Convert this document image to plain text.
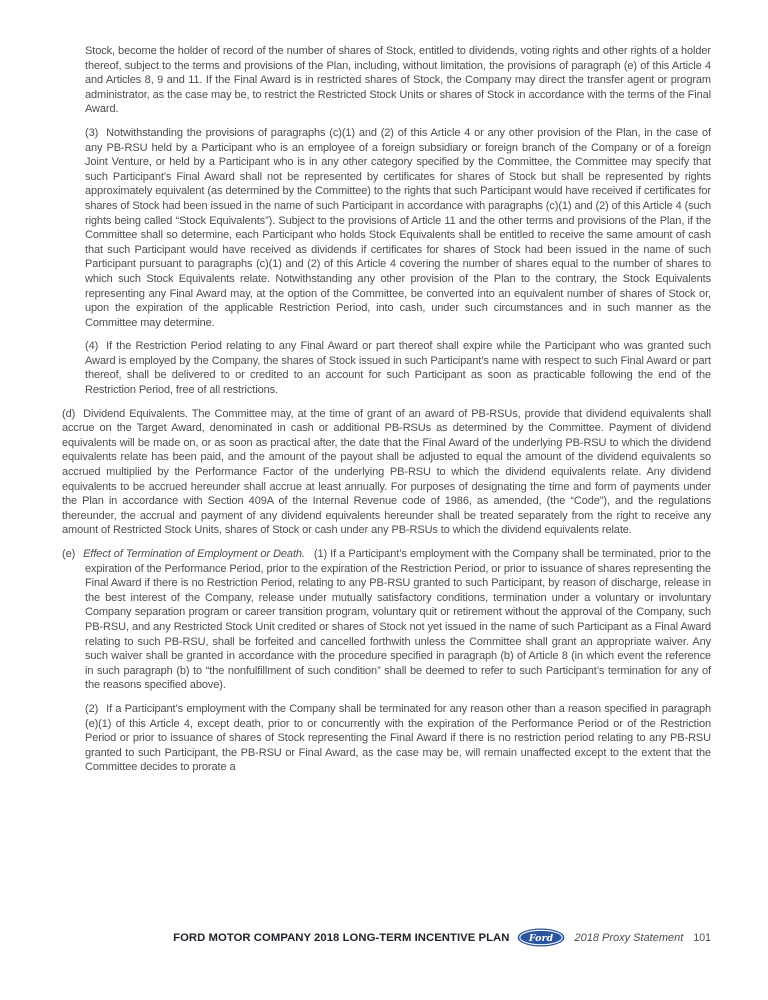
Stock, become the holder of record of the number of shares of Stock, entitled to dividends, voting rights and other rights of a holder thereof, subject to the terms and provisions of the Plan, including, without limitation, the provisions of paragraph (e) of this Article 4 and Articles 8, 9 and 11. If the Final Award is in restricted shares of Stock, the Company may direct the transfer agent or program administrator, as the case may be, to restrict the Restricted Stock Units or shares of Stock in accordance with the terms of the Final Award.

(3) Notwithstanding the provisions of paragraphs (c)(1) and (2) of this Article 4 or any other provision of the Plan, in the case of any PB-RSU held by a Participant who is an employee of a foreign subsidiary or foreign branch of the Company or of a foreign Joint Venture, or held by a Participant who is in any other category specified by the Committee, the Committee may specify that such Participant’s Final Award shall not be represented by certificates for shares of Stock but shall be represented by rights approximately equivalent (as determined by the Committee) to the rights that such Participant would have received if certificates for shares of Stock had been issued in the name of such Participant in accordance with paragraphs (c)(1) and (2) of this Article 4 (such rights being called “Stock Equivalents”). Subject to the provisions of Article 11 and the other terms and provisions of the Plan, if the Committee shall so determine, each Participant who holds Stock Equivalents shall be entitled to receive the same amount of cash that such Participant would have received as dividends if certificates for shares of Stock had been issued in the name of such Participant pursuant to paragraphs (c)(1) and (2) of this Article 4 covering the number of shares equal to the number of shares to which such Stock Equivalents relate. Notwithstanding any other provision of the Plan to the contrary, the Stock Equivalents representing any Final Award may, at the option of the Committee, be converted into an equivalent number of shares of Stock or, upon the expiration of the applicable Restriction Period, into cash, under such circumstances and in such manner as the Committee may determine.

(4) If the Restriction Period relating to any Final Award or part thereof shall expire while the Participant who was granted such Award is employed by the Company, the shares of Stock issued in such Participant’s name with respect to such Final Award or part thereof, shall be delivered to or credited to an account for such Participant as soon as practicable following the end of the Restriction Period, free of all restrictions.

(d) Dividend Equivalents. The Committee may, at the time of grant of an award of PB-RSUs, provide that dividend equivalents shall accrue on the Target Award, denominated in cash or additional PB-RSUs as determined by the Committee. Payment of dividend equivalents will be made on, or as soon as practical after, the date that the Final Award of the underlying PB-RSU to which the dividend equivalents relate has been paid, and the amount of the payout shall be adjusted to equal the amount of the dividend equivalents so accrued multiplied by the Performance Factor of the underlying PB-RSU to which the dividend equivalents relate. Any dividend equivalents to be accrued hereunder shall accrue at least annually. For purposes of designating the time and form of payments under the Plan in accordance with Section 409A of the Internal Revenue code of 1986, as amended, (the “Code”), and the regulations thereunder, the accrual and payment of any dividend equivalents hereunder shall be treated separately from the right to receive any amount of Restricted Stock Units, shares of Stock or cash under any PB-RSUs to which the dividend equivalents relate.

(e) Effect of Termination of Employment or Death. (1) If a Participant’s employment with the Company shall be terminated, prior to the expiration of the Performance Period, prior to the expiration of the Restriction Period, or prior to issuance of shares representing the Final Award if there is no Restriction Period, relating to any PB-RSU granted to such Participant, by reason of discharge, release in the best interest of the Company, release under mutually satisfactory conditions, termination under a voluntary or involuntary Company separation program or career transition program, voluntary quit or retirement without the approval of the Company, such PB-RSU, and any Restricted Stock Unit credited or shares of Stock not yet issued in the name of such Participant as a Final Award relating to such PB-RSU, shall be forfeited and cancelled forthwith unless the Committee shall grant an appropriate waiver. Any such waiver shall be granted in accordance with the procedure specified in paragraph (b) of Article 8 (in which event the reference in such paragraph (b) to “the nonfulfillment of such condition” shall be deemed to refer to such Participant’s termination for any of the reasons specified above).

(2) If a Participant’s employment with the Company shall be terminated for any reason other than a reason specified in paragraph (e)(1) of this Article 4, except death, prior to or concurrently with the expiration of the Performance Period or of the Restriction Period or prior to issuance of shares of Stock representing the Final Award if there is no restriction period relating to any PB-RSU granted to such Participant, the PB-RSU or Final Award, as the case may be, will remain unaffected except to the extent that the Committee decides to prorate a

FORD MOTOR COMPANY 2018 LONG-TERM INCENTIVE PLAN Ford 2018 Proxy Statement 101
